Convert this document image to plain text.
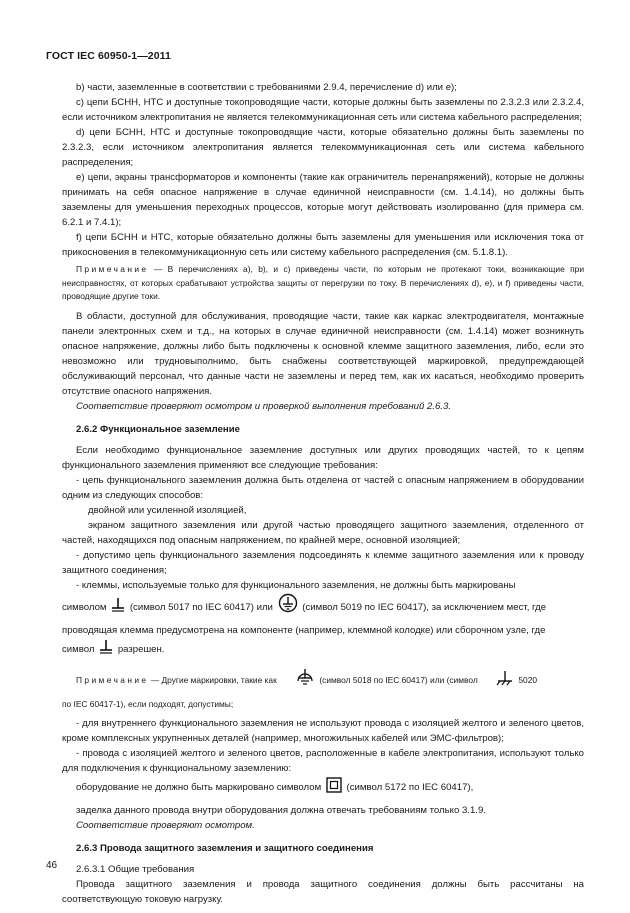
ГОСТ IEC 60950-1—2011

b) части, заземленные в соответствии с требованиями 2.9.4, перечисление d) или е);

с) цепи БСНН, НТС и доступные токопроводящие части, которые должны быть заземлены по 2.3.2.3 или 2.3.2.4, если источником электропитания не является телекоммуникационная сеть или система кабельного распределения;

d) цепи БСНН, НТС и доступные токопроводящие части, которые обязательно должны быть заземлены по 2.3.2.3, если источником электропитания является телекоммуникационная сеть или система кабельного распределения;

е) цепи, экраны трансформаторов и компоненты (такие как ограничитель перенапряжений), которые не должны принимать на себя опасное напряжение в случае единичной неисправности (см. 1.4.14), но должны быть заземлены для уменьшения переходных процессов, которые могут действовать изолированно (для примера см. 6.2.1 и 7.4.1);

f) цепи БСНН и НТС, которые обязательно должны быть заземлены для уменьшения или исключения тока от прикосновения в телекоммуникационную сеть или систему кабельного распределения (см. 5.1.8.1).

Примечание — В перечислениях а), b), и с) приведены части, по которым не протекают токи, возникающие при неисправностях, от которых срабатывают устройства защиты от перегрузки по току. В перечислениях d), е), и f) приведены части, проводящие другие токи.

В области, доступной для обслуживания, проводящие части, такие как каркас электродвигателя, монтажные панели электронных схем и т.д., на которых в случае единичной неисправности (см. 1.4.14) может возникнуть опасное напряжение, должны либо быть подключены к основной клемме защитного заземления, либо, если это невозможно или трудновыполнимо, быть снабжены соответствующей маркировкой, предупреждающей обслуживающий персонал, что данные части не заземлены и перед тем, как их касаться, необходимо проверить отсутствие опасного напряжения.

Соответствие проверяют осмотром и проверкой выполнения требований 2.6.3.

2.6.2 Функциональное заземление

Если необходимо функциональное заземление доступных или других проводящих частей, то к цепям функционального заземления применяют все следующие требования:

- цепь функционального заземления должна быть отделена от частей с опасным напряжением в оборудовании одним из следующих способов:

двойной или усиленной изоляцией,

экраном защитного заземления или другой частью проводящего защитного заземления, отделенного от частей, находящихся под опасным напряжением, по крайней мере, основной изоляцией;

- допустимо цепь функционального заземления подсоединять к клемме защитного заземления или к проводу защитного соединения;

- клеммы, используемые только для функционального заземления, не должны быть маркированы

символом (символ 5017 по IEC 60417) или	(символ 5019 по IEC 60417), за исключением мест, где

проводящая клемма предусмотрена на компоненте (например, клеммной колодке) или сборочном узле, где

символ разрешен.

Примечание — Другие маркировки, такие как	(символ 5018 по IEC 60417) или (символ	5020

по IEC 60417-1), если подходят, допустимы;

- для внутреннего функционального заземления не используют провода с изоляцией желтого и зеленого цветов, кроме комплексных укрупненных деталей (например, многожильных кабелей или ЭМС-фильтров);

- провода с изоляцией желтого и зеленого цветов, расположенные в кабеле электропитания, используют только для подключения к функциональному заземлению:

оборудование не должно быть маркировано символом	(символ 5172 по IEC 60417),

заделка данного провода внутри оборудования должна отвечать требованиям только 3.1.9.

Соответствие проверяют осмотром.

2.6.3 Провода защитного заземления и защитного соединения

2.6.3.1 Общие требования

Провода защитного заземления и провода защитного соединения должны быть рассчитаны на соответствующую токовую нагрузку.

46
